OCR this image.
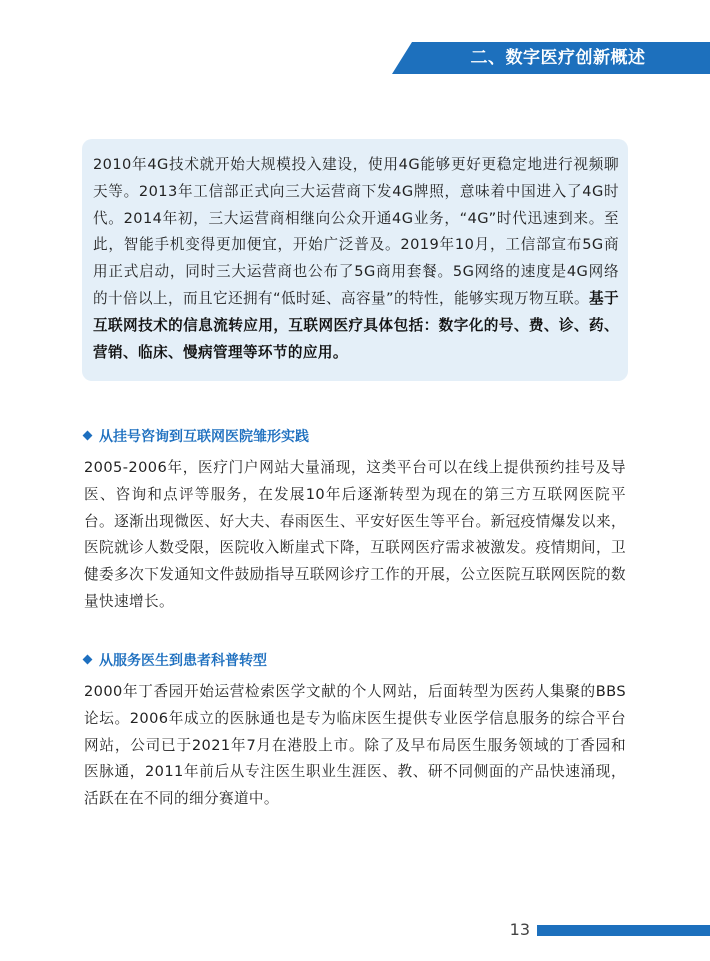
二、数字医疗创新概述

2010年4G技术就开始大规模投入建设，使用4G能够更好更稳定地进行视频聊天等。2013年工信部正式向三大运营商下发4G牌照，意味着中国进入了4G时代。2014年初，三大运营商相继向公众开通4G业务，“4G”时代迅速到来。至此，智能手机变得更加便宜，开始广泛普及。2019年10月，工信部宣布5G商用正式启动，同时三大运营商也公布了5G商用套餐。5G网络的速度是4G网络的十倍以上，而且它还拥有“低时延、高容量”的特性，能够实现万物互联。基于互联网技术的信息流转应用，互联网医疗具体包括：数字化的号、费、诊、药、营销、临床、慢病管理等环节的应用。

从挂号咨询到互联网医院雏形实践

2005-2006年，医疗门户网站大量涌现，这类平台可以在线上提供预约挂号及导医、咨询和点评等服务，在发展10年后逐渐转型为现在的第三方互联网医院平台。逐渐出现微医、好大夫、春雨医生、平安好医生等平台。新冠疫情爆发以来，医院就诊人数受限，医院收入断崖式下降，互联网医疗需求被激发。疫情期间，卫健委多次下发通知文件鼓励指导互联网诊疗工作的开展，公立医院互联网医院的数量快速增长。

从服务医生到患者科普转型

2000年丁香园开始运营检索医学文献的个人网站，后面转型为医药人集聚的BBS论坛。2006年成立的医脉通也是专为临床医生提供专业医学信息服务的综合平台网站，公司已于2021年7月在港股上市。除了及早布局医生服务领域的丁香园和医脉通，2011年前后从专注医生职业生涯医、教、研不同侧面的产品快速涌现，活跃在在不同的细分赛道中。

13
